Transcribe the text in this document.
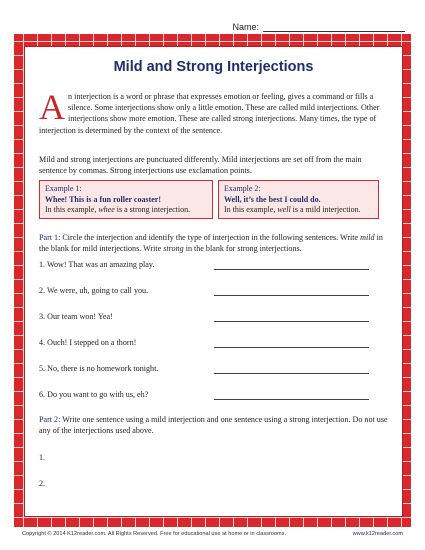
Name:
Mild and Strong Interjections

An interjection is a word or phrase that expresses emotion or feeling, gives a command or fills a silence. Some interjections show only a little emotion. These are called mild interjections. Other interjections show more emotion. These are called strong interjections. Many times, the type of interjection is determined by the context of the sentence.

Mild and strong interjections are punctuated differently. Mild interjections are set off from the main sentence by commas. Strong interjections use exclamation points.

Example 1:
Whee! This is a fun roller coaster!
In this example, whee is a strong interjection.
Example 2:
Well, it’s the best I could do.
In this example, well is a mild interjection.

Part 1: Circle the interjection and identify the type of interjection in the following sentences. Write mild in the blank for mild interjections. Write strong in the blank for strong interjections.

1. Wow! That was an amazing play.
2. We were, uh, going to call you.
3. Our team won! Yea!
4. Ouch! I stepped on a thorn!
5. No, there is no homework tonight.
6. Do you want to go with us, eh?

Part 2: Write one sentence using a mild interjection and one sentence using a strong interjection. Do not use any of the interjections used above.

1.
2.
Copyright © 2014 K12reader.com. All Rights Reserved. Free for educational use at home or in classrooms.	www.k12reader.com
